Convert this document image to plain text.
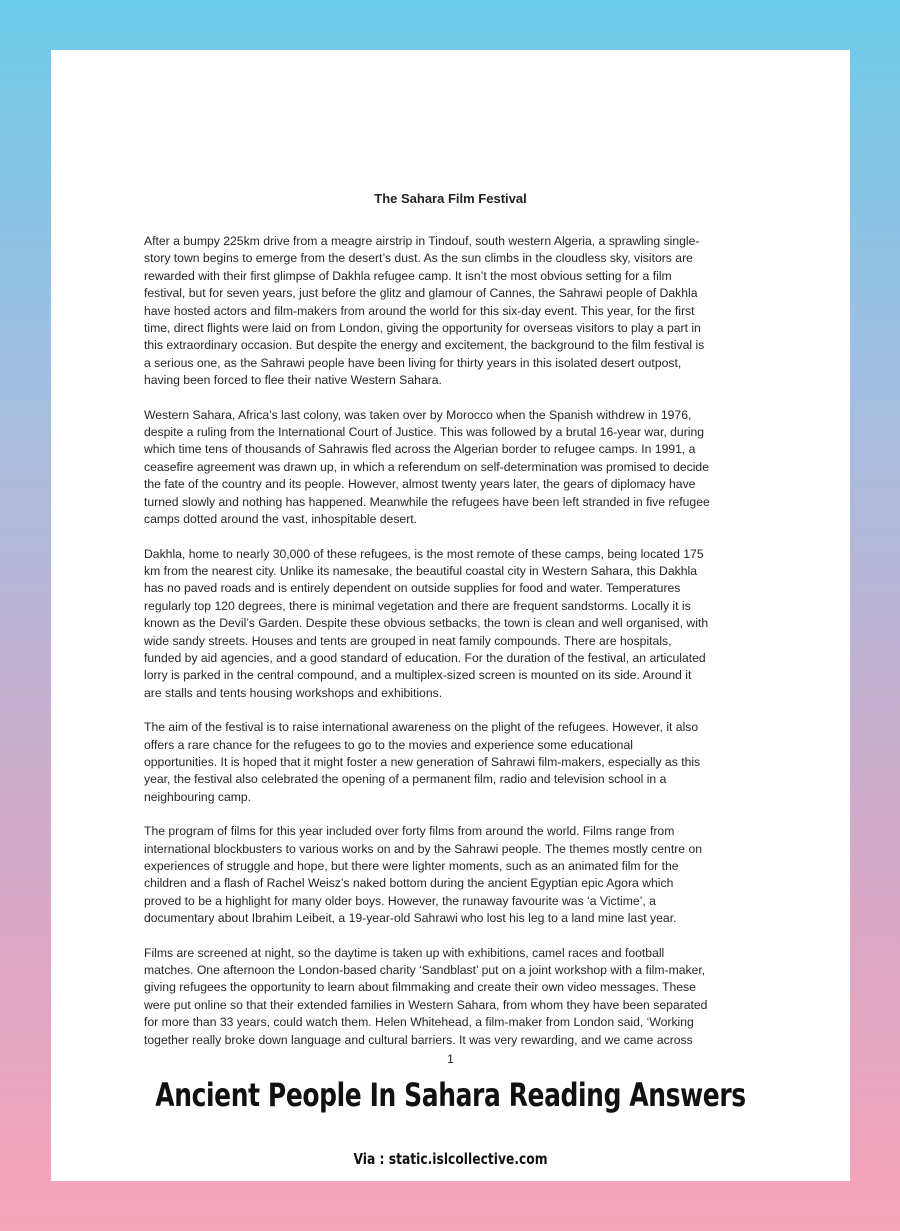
The Sahara Film Festival

After a bumpy 225km drive from a meagre airstrip in Tindouf, south western Algeria, a sprawling single-
story town begins to emerge from the desert’s dust. As the sun climbs in the cloudless sky, visitors are
rewarded with their first glimpse of Dakhla refugee camp. It isn’t the most obvious setting for a film
festival, but for seven years, just before the glitz and glamour of Cannes, the Sahrawi people of Dakhla
have hosted actors and film-makers from around the world for this six-day event. This year, for the first
time, direct flights were laid on from London, giving the opportunity for overseas visitors to play a part in
this extraordinary occasion. But despite the energy and excitement, the background to the film festival is
a serious one, as the Sahrawi people have been living for thirty years in this isolated desert outpost,
having been forced to flee their native Western Sahara.

Western Sahara, Africa’s last colony, was taken over by Morocco when the Spanish withdrew in 1976,
despite a ruling from the International Court of Justice. This was followed by a brutal 16-year war, during
which time tens of thousands of Sahrawis fled across the Algerian border to refugee camps. In 1991, a
ceasefire agreement was drawn up, in which a referendum on self-determination was promised to decide
the fate of the country and its people. However, almost twenty years later, the gears of diplomacy have
turned slowly and nothing has happened. Meanwhile the refugees have been left stranded in five refugee
camps dotted around the vast, inhospitable desert.

Dakhla, home to nearly 30,000 of these refugees, is the most remote of these camps, being located 175
km from the nearest city. Unlike its namesake, the beautiful coastal city in Western Sahara, this Dakhla
has no paved roads and is entirely dependent on outside supplies for food and water. Temperatures
regularly top 120 degrees, there is minimal vegetation and there are frequent sandstorms. Locally it is
known as the Devil’s Garden. Despite these obvious setbacks, the town is clean and well organised, with
wide sandy streets. Houses and tents are grouped in neat family compounds. There are hospitals,
funded by aid agencies, and a good standard of education. For the duration of the festival, an articulated
lorry is parked in the central compound, and a multiplex-sized screen is mounted on its side. Around it
are stalls and tents housing workshops and exhibitions.

The aim of the festival is to raise international awareness on the plight of the refugees. However, it also
offers a rare chance for the refugees to go to the movies and experience some educational
opportunities. It is hoped that it might foster a new generation of Sahrawi film-makers, especially as this
year, the festival also celebrated the opening of a permanent film, radio and television school in a
neighbouring camp.

The program of films for this year included over forty films from around the world. Films range from
international blockbusters to various works on and by the Sahrawi people. The themes mostly centre on
experiences of struggle and hope, but there were lighter moments, such as an animated film for the
children and a flash of Rachel Weisz’s naked bottom during the ancient Egyptian epic Agora which
proved to be a highlight for many older boys. However, the runaway favourite was ‘a Victime’, a
documentary about Ibrahim Leibeit, a 19-year-old Sahrawi who lost his leg to a land mine last year.

Films are screened at night, so the daytime is taken up with exhibitions, camel races and football
matches. One afternoon the London-based charity ‘Sandblast’ put on a joint workshop with a film-maker,
giving refugees the opportunity to learn about filmmaking and create their own video messages. These
were put online so that their extended families in Western Sahara, from whom they have been separated
for more than 33 years, could watch them. Helen Whitehead, a film-maker from London said, ‘Working
together really broke down language and cultural barriers. It was very rewarding, and we came across

1
Ancient People In Sahara Reading Answers
Via : static.islcollective.com
